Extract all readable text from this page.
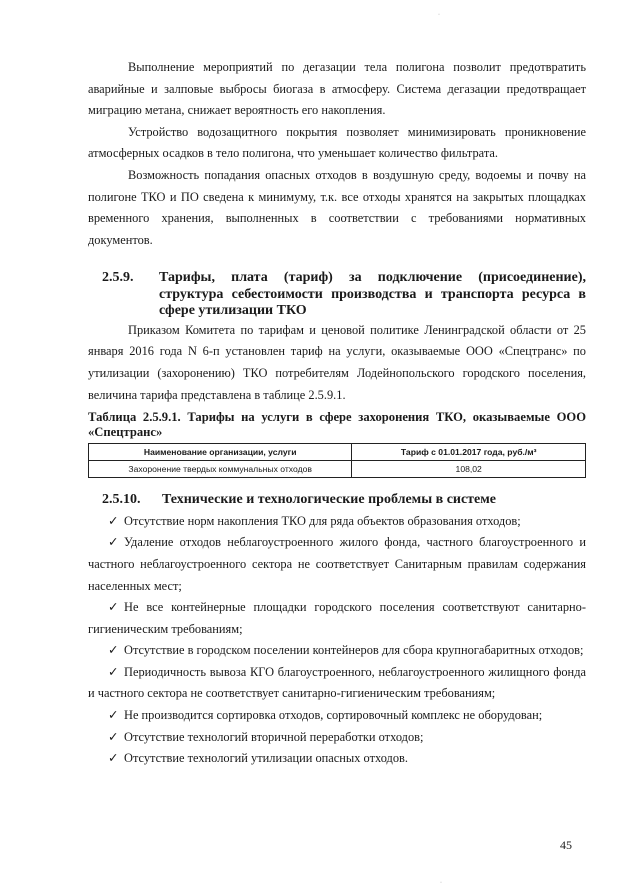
Выполнение мероприятий по дегазации тела полигона позволит предотвратить аварийные и залповые выбросы биогаза в атмосферу. Система дегазации предотвращает миграцию метана, снижает вероятность его накопления.

Устройство водозащитного покрытия позволяет минимизировать проникновение атмосферных осадков в тело полигона, что уменьшает количество фильтрата.

Возможность попадания опасных отходов в воздушную среду, водоемы и почву на полигоне ТКО и ПО сведена к минимуму, т.к. все отходы хранятся на закрытых площадках временного хранения, выполненных в соответствии с требованиями нормативных документов.

2.5.9.	Тарифы, плата (тариф) за подключение (присоединение), структура себестоимости производства и транспорта ресурса в сфере утилизации ТКО

Приказом Комитета по тарифам и ценовой политике Ленинградской области от 25 января 2016 года N 6-п установлен тариф на услуги, оказываемые ООО «Спецтранс» по утилизации (захоронению) ТКО потребителям Лодейнопольского городского поселения, величина тарифа представлена в таблице 2.5.9.1.

Таблица 2.5.9.1. Тарифы на услуги в сфере захоронения ТКО, оказываемые ООО «Спецтранс»
Наименование организации, услуги	Тариф с 01.01.2017 года, руб./м³
Захоронение твердых коммунальных отходов	108,02
2.5.10.	Технические и технологические проблемы в системе

✓ Отсутствие норм накопления ТКО для ряда объектов образования отходов;

✓ Удаление отходов неблагоустроенного жилого фонда, частного благоустроенного и частного неблагоустроенного сектора не соответствует Санитарным правилам содержания населенных мест;

✓ Не все контейнерные площадки городского поселения соответствуют санитарно-гигиеническим требованиям;

✓ Отсутствие в городском поселении контейнеров для сбора крупногабаритных отходов;

✓ Периодичность вывоза КГО благоустроенного, неблагоустроенного жилищного фонда и частного сектора не соответствует санитарно-гигиеническим требованиям;

✓ Не производится сортировка отходов, сортировочный комплекс не оборудован;

✓ Отсутствие технологий вторичной переработки отходов;

✓ Отсутствие технологий утилизации опасных отходов.

·
·
45
